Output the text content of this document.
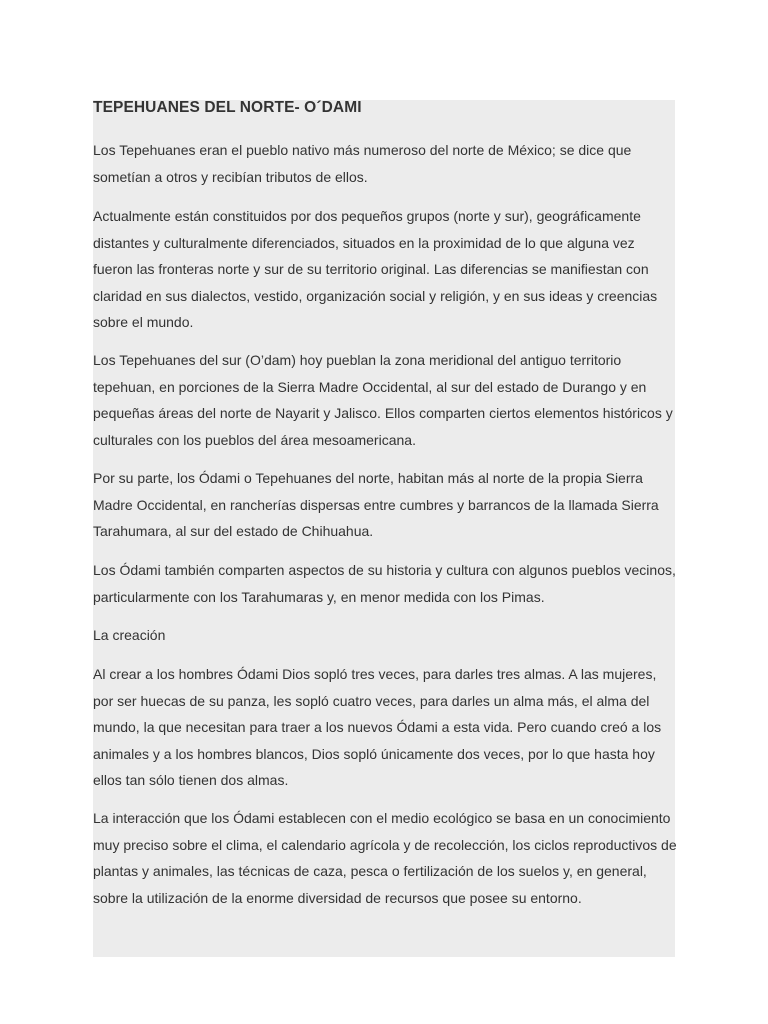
TEPEHUANES DEL NORTE- O´DAMI

Los Tepehuanes eran el pueblo nativo más numeroso del norte de México; se dice que sometían a otros y recibían tributos de ellos.

Actualmente están constituidos por dos pequeños grupos (norte y sur), geográficamente distantes y culturalmente diferenciados, situados en la proximidad de lo que alguna vez fueron las fronteras norte y sur de su territorio original. Las diferencias se manifiestan con claridad en sus dialectos, vestido, organización social y religión, y en sus ideas y creencias sobre el mundo.

Los Tepehuanes del sur (O’dam) hoy pueblan la zona meridional del antiguo territorio tepehuan, en porciones de la Sierra Madre Occidental, al sur del estado de Durango y en pequeñas áreas del norte de Nayarit y Jalisco. Ellos comparten ciertos elementos históricos y culturales con los pueblos del área mesoamericana.

Por su parte, los Ódami o Tepehuanes del norte, habitan más al norte de la propia Sierra Madre Occidental, en rancherías dispersas entre cumbres y barrancos de la llamada Sierra Tarahumara, al sur del estado de Chihuahua.

Los Ódami también comparten aspectos de su historia y cultura con algunos pueblos vecinos, particularmente con los Tarahumaras y, en menor medida con los Pimas.

La creación

Al crear a los hombres Ódami Dios sopló tres veces, para darles tres almas. A las mujeres, por ser huecas de su panza, les sopló cuatro veces, para darles un alma más, el alma del mundo, la que necesitan para traer a los nuevos Ódami a esta vida. Pero cuando creó a los animales y a los hombres blancos, Dios sopló únicamente dos veces, por lo que hasta hoy ellos tan sólo tienen dos almas.

La interacción que los Ódami establecen con el medio ecológico se basa en un conocimiento muy preciso sobre el clima, el calendario agrícola y de recolección, los ciclos reproductivos de plantas y animales, las técnicas de caza, pesca o fertilización de los suelos y, en general, sobre la utilización de la enorme diversidad de recursos que posee su entorno.
